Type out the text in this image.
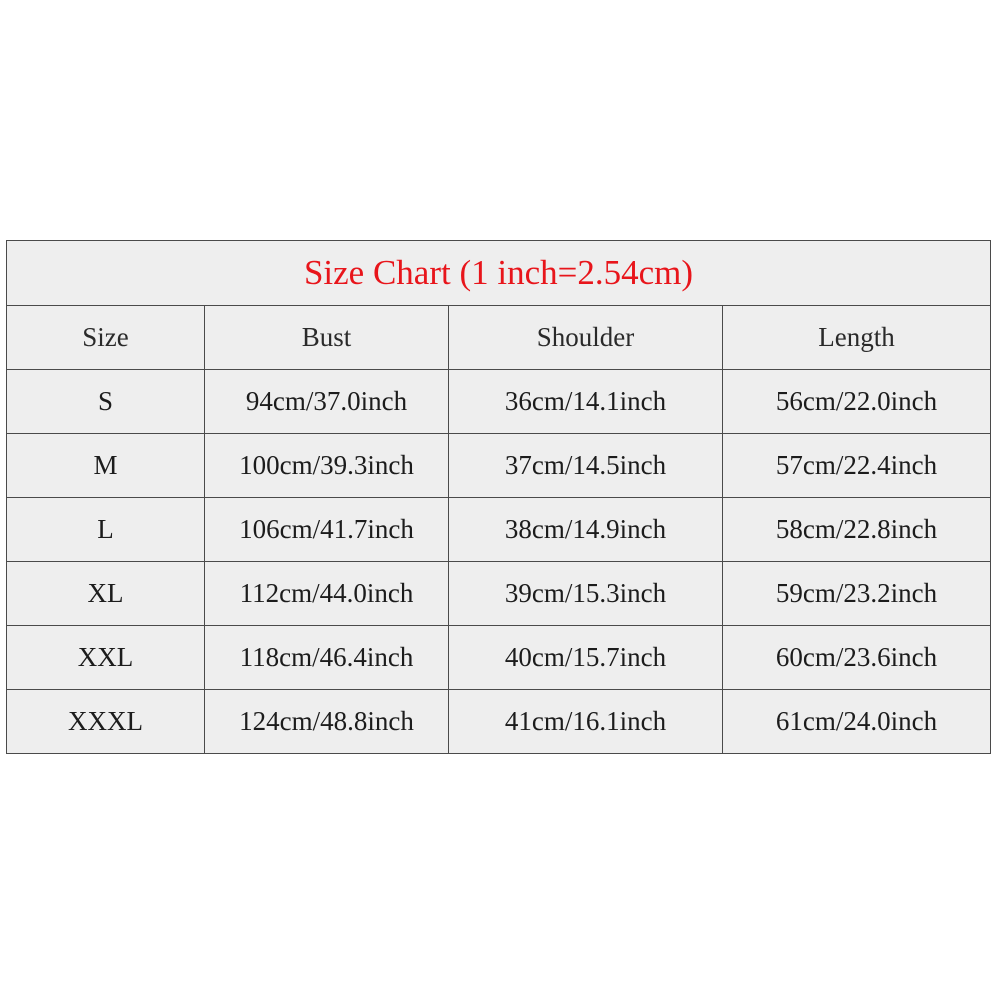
Size Chart (1 inch=2.54cm)			
Size	Bust	Shoulder	Length
S	94cm/37.0inch	36cm/14.1inch	56cm/22.0inch
M	100cm/39.3inch	37cm/14.5inch	57cm/22.4inch
L	106cm/41.7inch	38cm/14.9inch	58cm/22.8inch
XL	112cm/44.0inch	39cm/15.3inch	59cm/23.2inch
XXL	118cm/46.4inch	40cm/15.7inch	60cm/23.6inch
XXXL	124cm/48.8inch	41cm/16.1inch	61cm/24.0inch
